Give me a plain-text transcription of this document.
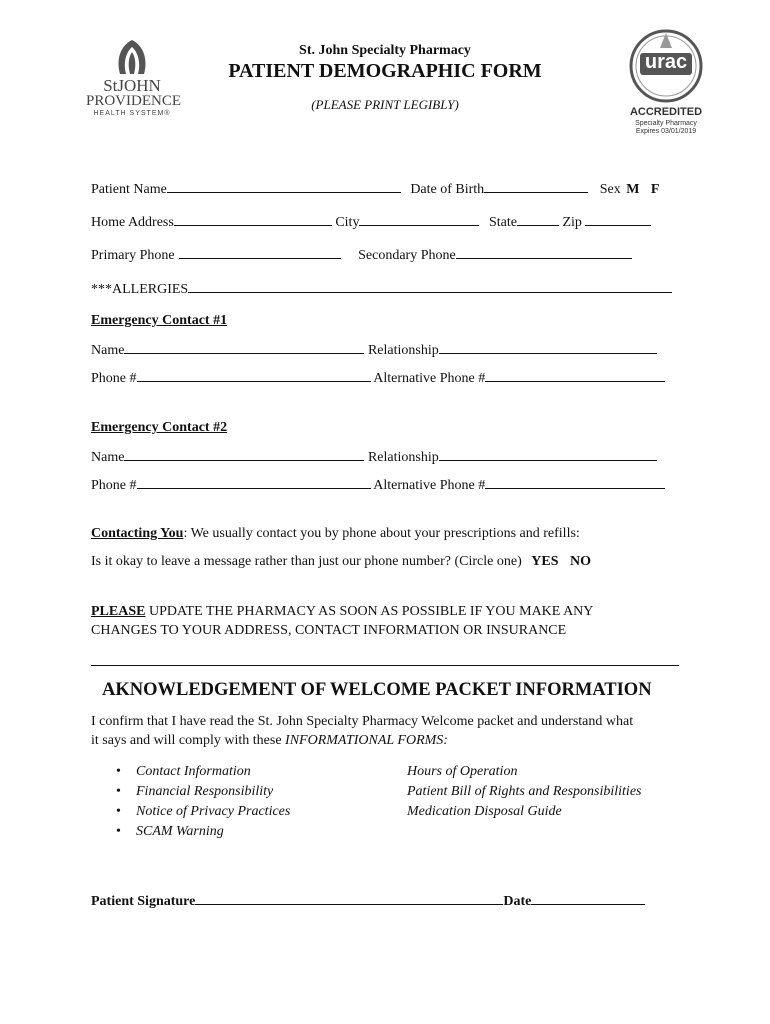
StJOHN
PROVIDENCE
HEALTH SYSTEM®
St. John Specialty Pharmacy
PATIENT DEMOGRAPHIC FORM
(PLEASE PRINT LEGIBLY)
urac
ACCREDITED
Specialty Pharmacy
Expires 03/01/2019
Patient Name	Date of Birth	Sex M F
Home Address	City	State	Zip
Primary Phone	Secondary Phone
***ALLERGIES
Emergency Contact #1
Name	Relationship
Phone #	Alternative Phone #
Emergency Contact #2
Name	Relationship
Phone #	Alternative Phone #
Contacting You: We usually contact you by phone about your prescriptions and refills:
Is it okay to leave a message rather than just our phone number? (Circle one) YES NO
PLEASE UPDATE THE PHARMACY AS SOON AS POSSIBLE IF YOU MAKE ANY
CHANGES TO YOUR ADDRESS, CONTACT INFORMATION OR INSURANCE
AKNOWLEDGEMENT OF WELCOME PACKET INFORMATION
I confirm that I have read the St. John Specialty Pharmacy Welcome packet and understand what
it says and will comply with these INFORMATIONAL FORMS:
• Contact Information
• Financial Responsibility
• Notice of Privacy Practices
• SCAM Warning
Hours of Operation
Patient Bill of Rights and Responsibilities
Medication Disposal Guide
Patient Signature	Date
